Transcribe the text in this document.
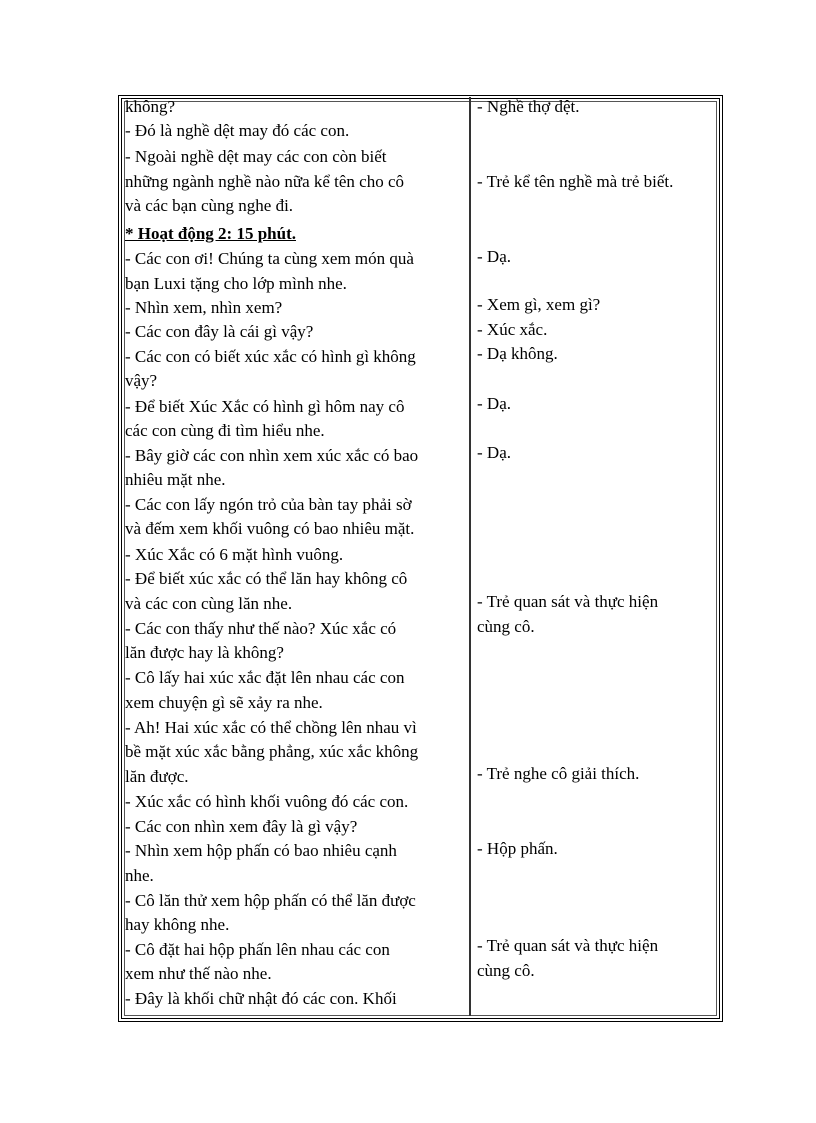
không?
- Đó là nghề dệt may đó các con.
- Ngoài nghề dệt may các con còn biết
những ngành nghề nào nữa kể tên cho cô
và các bạn cùng nghe đi.
* Hoạt động 2: 15 phút.
- Các con ơi! Chúng ta cùng xem món quà
bạn Luxi tặng cho lớp mình nhe.
- Nhìn xem, nhìn xem?
- Các con đây là cái gì vậy?
- Các con có biết xúc xắc có hình gì không
vậy?
- Để biết Xúc Xắc có hình gì hôm nay cô
các con cùng đi tìm hiểu nhe.
- Bây giờ các con nhìn xem xúc xắc có bao
nhiêu mặt nhe.
- Các con lấy ngón trỏ của bàn tay phải sờ
và đếm xem khối vuông có bao nhiêu mặt.
- Xúc Xắc có 6 mặt hình vuông.
- Để biết xúc xắc có thể lăn hay không cô
và các con cùng lăn nhe.
- Các con thấy như thế nào? Xúc xắc có
lăn được hay là không?
- Cô lấy hai xúc xắc đặt lên nhau các con
xem chuyện gì sẽ xảy ra nhe.
- Ah! Hai xúc xắc có thể chồng lên nhau vì
bề mặt xúc xắc bằng phẳng, xúc xắc không
lăn được.
- Xúc xắc có hình khối vuông đó các con.
- Các con nhìn xem đây là gì vậy?
- Nhìn xem hộp phấn có bao nhiêu cạnh
nhe.
- Cô lăn thử xem hộp phấn có thể lăn được
hay không nhe.
- Cô đặt hai hộp phấn lên nhau các con
xem như thế nào nhe.
- Đây là khối chữ nhật đó các con. Khối
- Nghề thợ dệt.
- Trẻ kể tên nghề mà trẻ biết.
- Dạ.
- Xem gì, xem gì?
- Xúc xắc.
- Dạ không.
- Dạ.
- Dạ.
- Trẻ quan sát và thực hiện
cùng cô.
- Trẻ nghe cô giải thích.
- Hộp phấn.
- Trẻ quan sát và thực hiện
cùng cô.
